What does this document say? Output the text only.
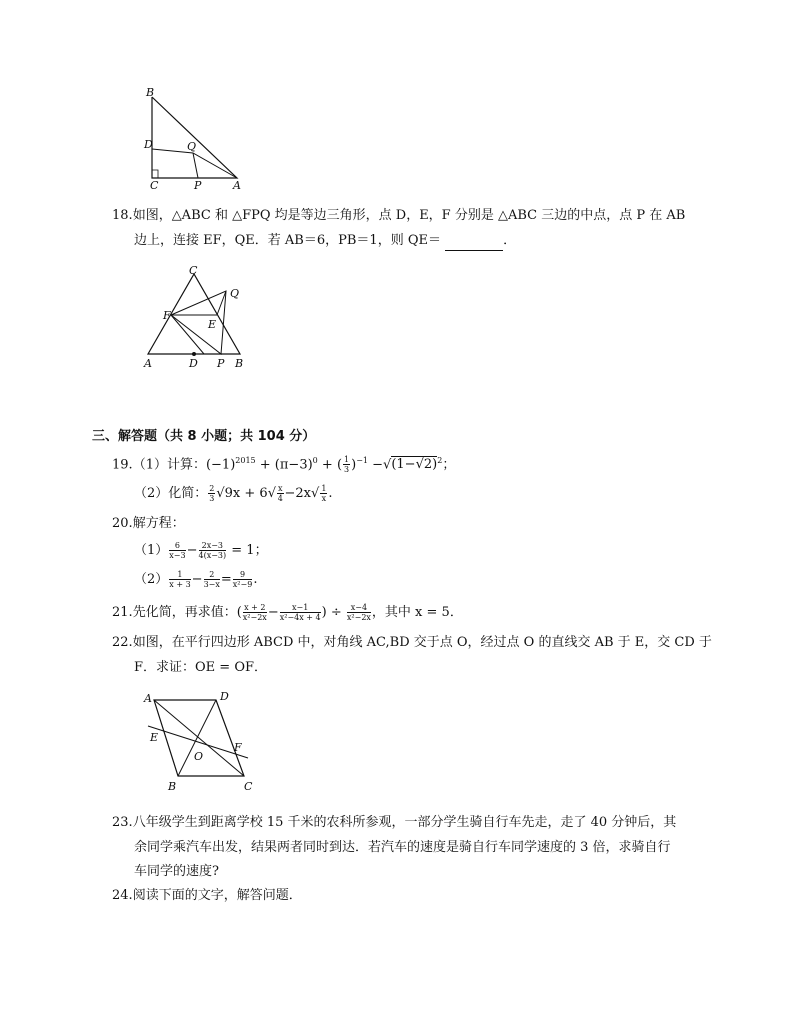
B
D	Q
C	P	A
18.如图，△ABC 和 △FPQ 均是等边三角形，点 D，E，F 分别是 △ABC 三边的中点，点 P 在 AB
边上，连接 EF，QE．若 AB＝6，PB＝1，则 QE＝	．
C
Q
F
E
A	D P B
三、解答题（共 8 小题；共 104 分）
19.（1）计算：$(-1)^{2015} + (\pi-3)^0$ + ( $\frac{1}{3} )^{-1} -√(1-√2)^2$；
（2）化简： $\frac{2}{3} √9x + 6√ \frac{x}{4} -2x√ \frac{1}{x}$ .
20.解方程：
$(1) \frac{6}{x-3} - \frac{2x-3}{4(x-3)} = 1$；
$(2) \frac{1}{x + 3} - \frac{2}{3-x} = \frac{9}{\text{x²−9}}$ .
21.先化简，再求值：( $\frac{x + 2}{\text{x²−2x}} - \frac{x-1}{\text{x²−4x + 4}}$ ) ÷ $\frac{x-4}{\text{x²−2x}}$ ，其中 x = 5．
22.如图，在平行四边形 ABCD 中，对角线 AC,BD 交于点 O，经过点 O 的直线交 AB 于 E，交 CD 于
F．求证：OE = OF．
A	D
E
F
O
B	C
23.八年级学生到距离学校 15 千米的农科所参观，一部分学生骑自行车先走，走了 40 分钟后，其
余同学乘汽车出发，结果两者同时到达．若汽车的速度是骑自行车同学速度的 3 倍，求骑自行
车同学的速度?
24.阅读下面的文字，解答问题．
